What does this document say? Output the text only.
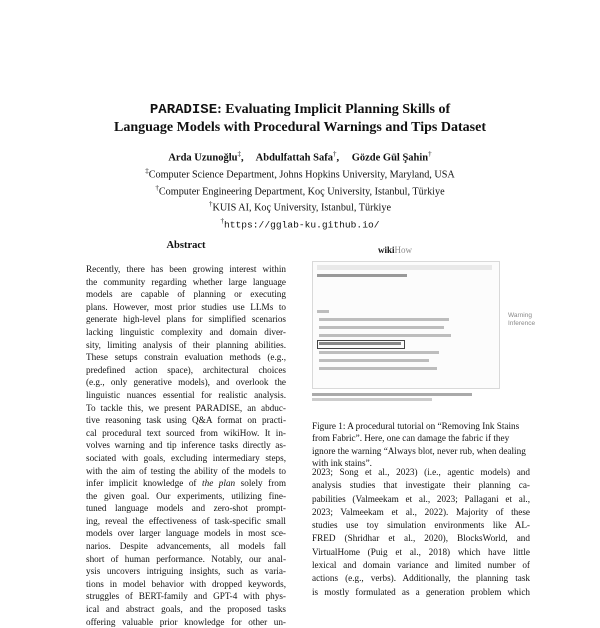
PARADISE: Evaluating Implicit Planning Skills of
Language Models with Procedural Warnings and Tips Dataset
Arda Uzunoğlu‡, Abdulfattah Safa†, Gözde Gül Şahin†
‡Computer Science Department, Johns Hopkins University, Maryland, USA
†Computer Engineering Department, Koç University, Istanbul, Türkiye
†KUIS AI, Koç University, Istanbul, Türkiye
†https://gglab-ku.github.io/
Abstract
Recently, there has been growing interest within
the community regarding whether large language
models are capable of planning or executing
plans. However, most prior studies use LLMs to
generate high-level plans for simplified scenarios
lacking linguistic complexity and domain diver-
sity, limiting analysis of their planning abilities.
These setups constrain evaluation methods (e.g.,
predefined action space), architectural choices
(e.g., only generative models), and overlook the
linguistic nuances essential for realistic analysis.
To tackle this, we present PARADISE, an abduc-
tive reasoning task using Q&A format on practi-
cal procedural text sourced from wikiHow. It in-
volves warning and tip inference tasks directly as-
sociated with goals, excluding intermediary steps,
with the aim of testing the ability of the models to
infer implicit knowledge of the plan solely from
the given goal. Our experiments, utilizing fine-
tuned language models and zero-shot prompt-
ing, reveal the effectiveness of task-specific small
models over larger language models in most sce-
narios. Despite advancements, all models fall
short of human performance. Notably, our anal-
ysis uncovers intriguing insights, such as varia-
tions in model behavior with dropped keywords,
struggles of BERT-family and GPT-4 with phys-
ical and abstract goals, and the proposed tasks
offering valuable prior knowledge for other un-
wikiHow
Warning
Inference
Figure 1: A procedural tutorial on “Removing Ink Stains from Fabric”. Here, one can damage the fabric if they ignore the warning “Always blot, never rub, when dealing with ink stains”.
2023; Song et al., 2023) (i.e., agentic models) and
analysis studies that investigate their planning ca-
pabilities (Valmeekam et al., 2023; Pallagani et al.,
2023; Valmeekam et al., 2022). Majority of these
studies use toy simulation environments like AL-
FRED (Shridhar et al., 2020), BlocksWorld, and
VirtualHome (Puig et al., 2018) which have little
lexical and domain variance and limited number of
actions (e.g., verbs). Additionally, the planning task
is mostly formulated as a generation problem which
